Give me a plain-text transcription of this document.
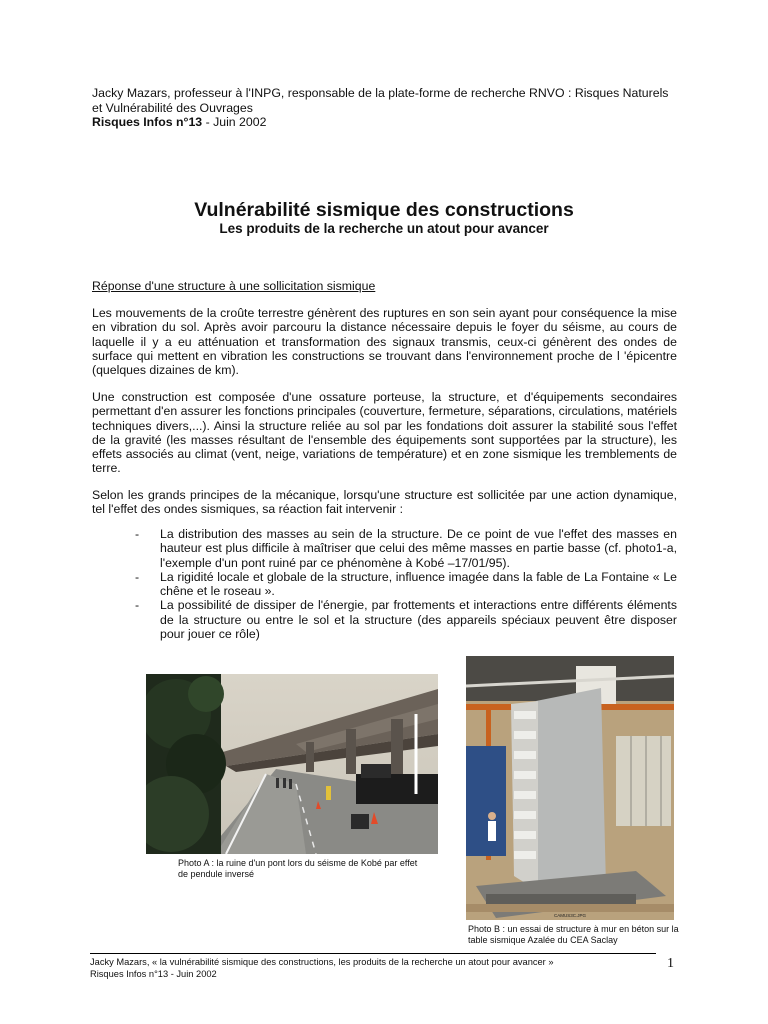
Jacky Mazars, professeur à l'INPG, responsable de la plate-forme de recherche RNVO : Risques Naturels et Vulnérabilité des Ouvrages
Risques Infos n°13 - Juin 2002
Vulnérabilité sismique des constructions
Les produits de la recherche un atout pour avancer
Réponse d'une structure à une sollicitation sismique
Les mouvements de la croûte terrestre génèrent des ruptures en son sein ayant pour conséquence la mise en vibration du sol. Après avoir parcouru la distance nécessaire depuis le foyer du séisme, au cours de laquelle il y a eu atténuation et transformation des signaux transmis, ceux-ci génèrent des ondes de surface qui mettent en vibration les constructions se trouvant dans l'environnement proche de l 'épicentre (quelques dizaines de km).
Une construction est composée d'une ossature porteuse, la structure, et d'équipements secondaires permettant d'en assurer les fonctions principales (couverture, fermeture, séparations, circulations, matériels techniques divers,...). Ainsi la structure reliée au sol par les fondations doit assurer la stabilité sous l'effet de la gravité (les masses résultant de l'ensemble des équipements sont supportées par la structure), les effets associés au climat (vent, neige, variations de température) et en zone sismique les tremblements de terre.
Selon les grands principes de la mécanique, lorsqu'une structure est sollicitée par une action dynamique, tel l'effet des ondes sismiques, sa réaction fait intervenir :
- La distribution des masses au sein de la structure. De ce point de vue l'effet des masses en hauteur est plus difficile à maîtriser que celui des même masses en partie basse (cf. photo1-a, l'exemple d'un pont ruiné par ce phénomène à Kobé –17/01/95).
- La rigidité locale et globale de la structure, influence imagée dans la fable de La Fontaine « Le chêne et le roseau ».
- La possibilité de dissiper de l'énergie, par frottements et interactions entre différents éléments de la structure ou entre le sol et la structure (des appareils spéciaux peuvent être disposer pour jouer ce rôle)
Photo A : la ruine d'un pont lors du séisme de Kobé par effet de pendule inversé
CAMUS3C.JPG
Photo B : un essai de structure à mur en béton sur la table sismique Azalée du CEA Saclay
Jacky Mazars, « la vulnérabilité sismique des constructions, les produits de la recherche un atout pour avancer »
Risques Infos n°13 - Juin 2002
1
